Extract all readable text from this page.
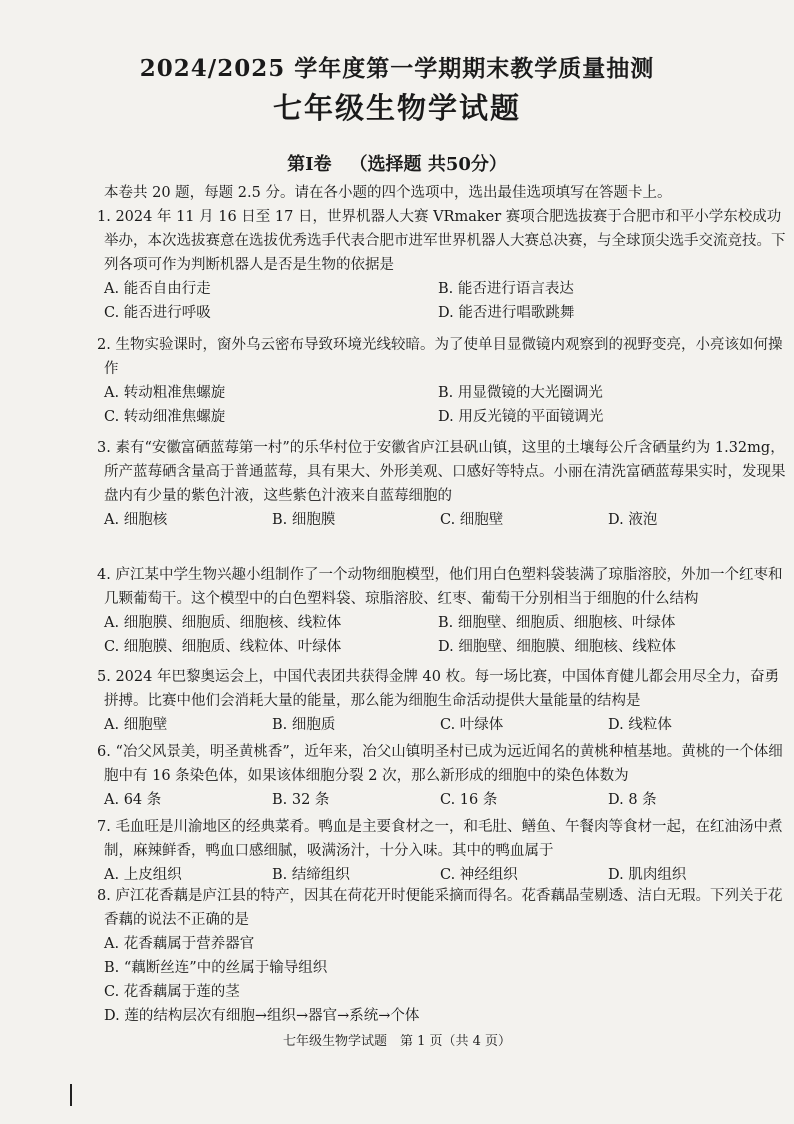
2024/2025 学年度第一学期期末教学质量抽测
七年级生物学试题
第Ⅰ卷 （选择题 共50分）
本卷共 20 题，每题 2.5 分。请在各小题的四个选项中，选出最佳选项填写在答题卡上。
1. 2024 年 11 月 16 日至 17 日，世界机器人大赛 VRmaker 赛项合肥选拔赛于合肥市和平小学东校成功举办，本次选拔赛意在选拔优秀选手代表合肥市进军世界机器人大赛总决赛，与全球顶尖选手交流竞技。下列各项可作为判断机器人是否是生物的依据是
A. 能否自由行走	B. 能否进行语言表达 C. 能否进行呼吸	D. 能否进行唱歌跳舞
2. 生物实验课时，窗外乌云密布导致环境光线较暗。为了使单目显微镜内观察到的视野变亮，小亮该如何操作
A. 转动粗准焦螺旋	B. 用显微镜的大光圈调光 C. 转动细准焦螺旋	D. 用反光镜的平面镜调光
3. 素有“安徽富硒蓝莓第一村”的乐华村位于安徽省庐江县矾山镇，这里的土壤每公斤含硒量约为 1.32mg，所产蓝莓硒含量高于普通蓝莓，具有果大、外形美观、口感好等特点。小丽在清洗富硒蓝莓果实时，发现果盘内有少量的紫色汁液，这些紫色汁液来自蓝莓细胞的
A. 细胞核	B. 细胞膜	C. 细胞壁	D. 液泡
4. 庐江某中学生物兴趣小组制作了一个动物细胞模型，他们用白色塑料袋装满了琼脂溶胶，外加一个红枣和几颗葡萄干。这个模型中的白色塑料袋、琼脂溶胶、红枣、葡萄干分别相当于细胞的什么结构
A. 细胞膜、细胞质、细胞核、线粒体	B. 细胞壁、细胞质、细胞核、叶绿体 C. 细胞膜、细胞质、线粒体、叶绿体	D. 细胞壁、细胞膜、细胞核、线粒体
5. 2024 年巴黎奥运会上，中国代表团共获得金牌 40 枚。每一场比赛，中国体育健儿都会用尽全力，奋勇拼搏。比赛中他们会消耗大量的能量，那么能为细胞生命活动提供大量能量的结构是
A. 细胞壁	B. 细胞质	C. 叶绿体	D. 线粒体
6. “冶父风景美，明圣黄桃香”，近年来，冶父山镇明圣村已成为远近闻名的黄桃种植基地。黄桃的一个体细胞中有 16 条染色体，如果该体细胞分裂 2 次，那么新形成的细胞中的染色体数为
A. 64 条	B. 32 条	C. 16 条	D. 8 条
7. 毛血旺是川渝地区的经典菜肴。鸭血是主要食材之一，和毛肚、鳝鱼、午餐肉等食材一起，在红油汤中煮制，麻辣鲜香，鸭血口感细腻，吸满汤汁，十分入味。其中的鸭血属于
A. 上皮组织	B. 结缔组织	C. 神经组织	D. 肌肉组织
8. 庐江花香藕是庐江县的特产，因其在荷花开时便能采摘而得名。花香藕晶莹剔透、洁白无瑕。下列关于花香藕的说法不正确的是
A. 花香藕属于营养器官
B. “藕断丝连”中的丝属于输导组织
C. 花香藕属于莲的茎
D. 莲的结构层次有细胞→组织→器官→系统→个体
七年级生物学试题　第 1 页（共 4 页）
